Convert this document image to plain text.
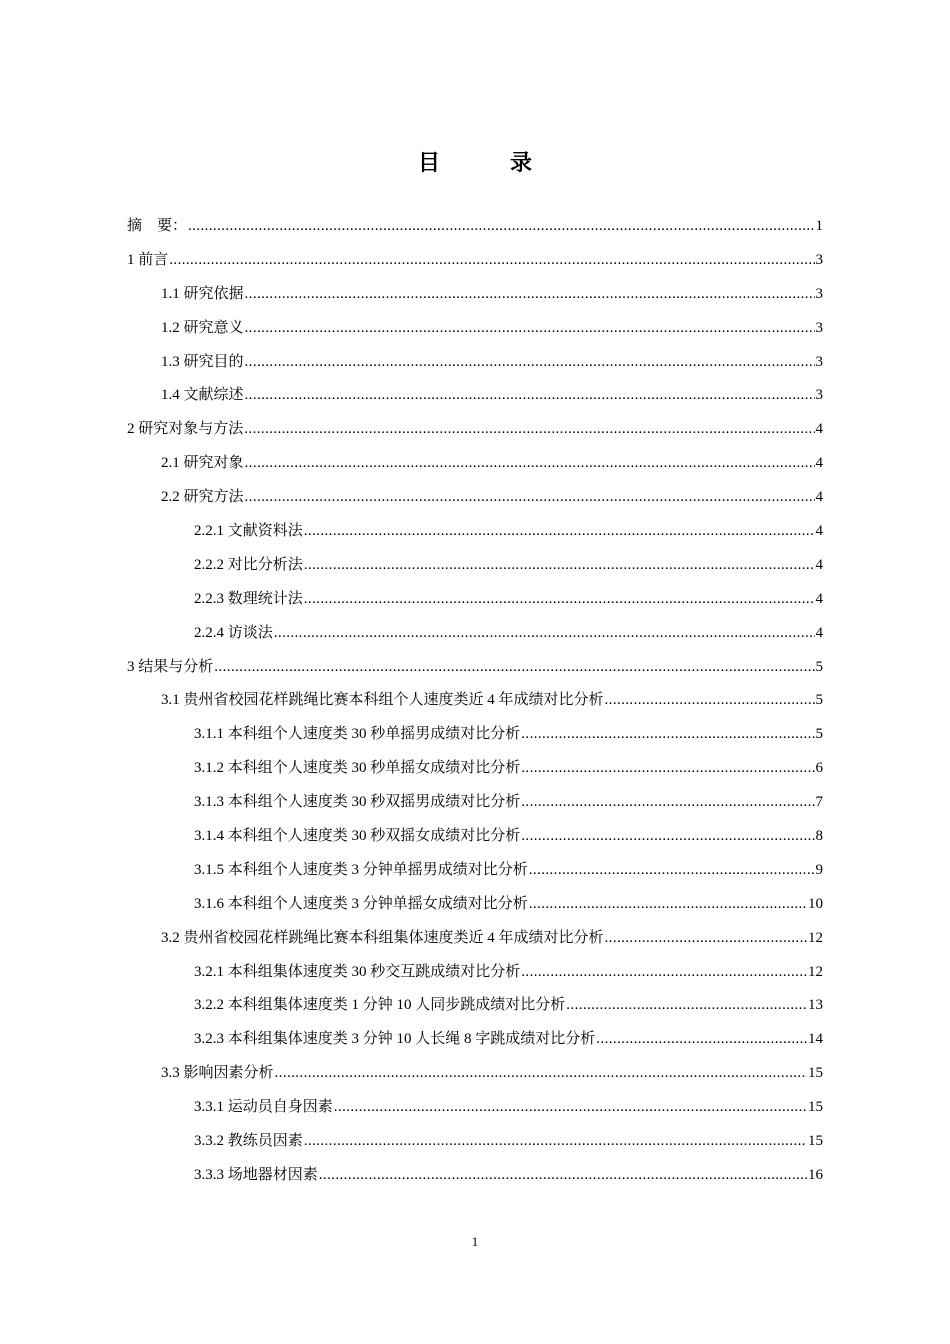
目　录
摘　要： .....	1
1 前言 .....	3
1.1 研究依据 .....	3
1.2 研究意义 .....	3
1.3 研究目的 .....	3
1.4 文献综述 .....	3
2 研究对象与方法 .....	4
2.1 研究对象 .....	4
2.2 研究方法 .....	4
2.2.1 文献资料法 .....	4
2.2.2 对比分析法 .....	4
2.2.3 数理统计法 .....	4
2.2.4 访谈法 .....	4
3 结果与分析 .....	5
3.1 贵州省校园花样跳绳比赛本科组个人速度类近 4 年成绩对比分析 .....	5
3.1.1 本科组个人速度类 30 秒单摇男成绩对比分析 .....	5
3.1.2 本科组个人速度类 30 秒单摇女成绩对比分析 .....	6
3.1.3 本科组个人速度类 30 秒双摇男成绩对比分析 .....	7
3.1.4 本科组个人速度类 30 秒双摇女成绩对比分析 .....	8
3.1.5 本科组个人速度类 3 分钟单摇男成绩对比分析 .....	9
3.1.6 本科组个人速度类 3 分钟单摇女成绩对比分析 .....	10
3.2 贵州省校园花样跳绳比赛本科组集体速度类近 4 年成绩对比分析 .....	12
3.2.1 本科组集体速度类 30 秒交互跳成绩对比分析 .....	12
3.2.2 本科组集体速度类 1 分钟 10 人同步跳成绩对比分析 .....	13
3.2.3 本科组集体速度类 3 分钟 10 人长绳 8 字跳成绩对比分析 .....	14
3.3 影响因素分析 .....	15
3.3.1 运动员自身因素 .....	15
3.3.2 教练员因素 .....	15
3.3.3 场地器材因素 .....	16
1
